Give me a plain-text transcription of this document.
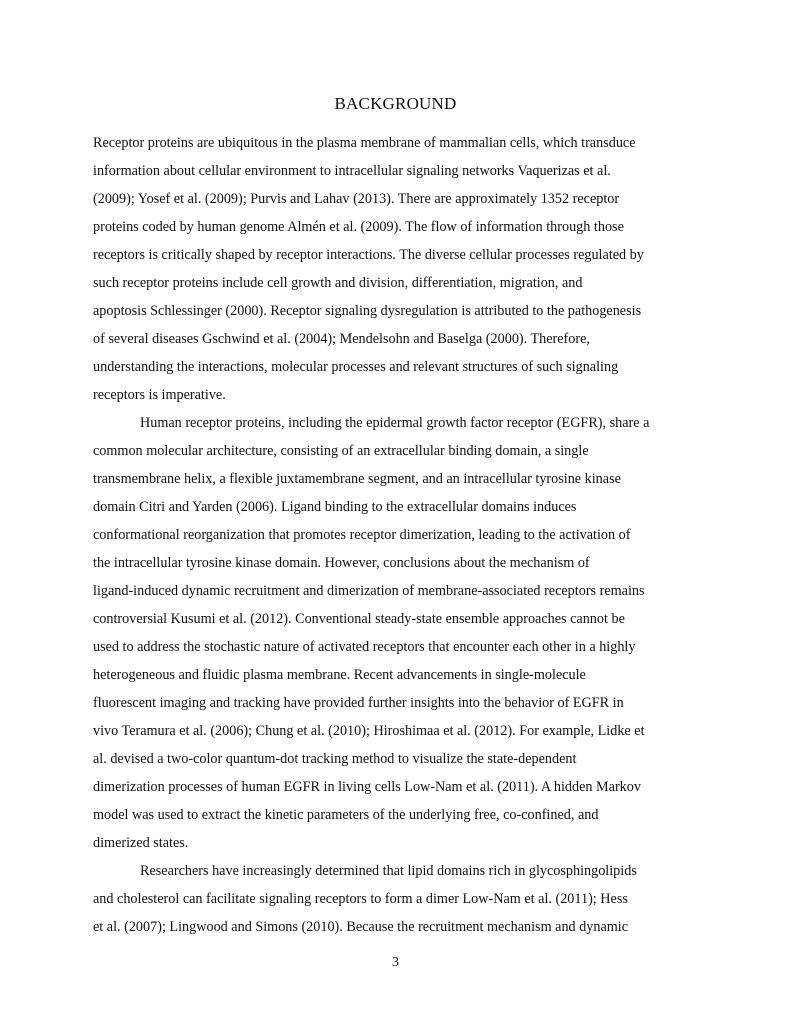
BACKGROUND
Receptor proteins are ubiquitous in the plasma membrane of mammalian cells, which transduce
information about cellular environment to intracellular signaling networks Vaquerizas et al.
(2009); Yosef et al. (2009); Purvis and Lahav (2013). There are approximately 1352 receptor
proteins coded by human genome Almén et al. (2009). The flow of information through those
receptors is critically shaped by receptor interactions. The diverse cellular processes regulated by
such receptor proteins include cell growth and division, differentiation, migration, and
apoptosis Schlessinger (2000). Receptor signaling dysregulation is attributed to the pathogenesis
of several diseases Gschwind et al. (2004); Mendelsohn and Baselga (2000). Therefore,
understanding the interactions, molecular processes and relevant structures of such signaling
receptors is imperative.
Human receptor proteins, including the epidermal growth factor receptor (EGFR), share a
common molecular architecture, consisting of an extracellular binding domain, a single
transmembrane helix, a flexible juxtamembrane segment, and an intracellular tyrosine kinase
domain Citri and Yarden (2006). Ligand binding to the extracellular domains induces
conformational reorganization that promotes receptor dimerization, leading to the activation of
the intracellular tyrosine kinase domain. However, conclusions about the mechanism of
ligand-induced dynamic recruitment and dimerization of membrane-associated receptors remains
controversial Kusumi et al. (2012). Conventional steady-state ensemble approaches cannot be
used to address the stochastic nature of activated receptors that encounter each other in a highly
heterogeneous and fluidic plasma membrane. Recent advancements in single-molecule
fluorescent imaging and tracking have provided further insights into the behavior of EGFR in
vivo Teramura et al. (2006); Chung et al. (2010); Hiroshimaa et al. (2012). For example, Lidke et
al. devised a two-color quantum-dot tracking method to visualize the state-dependent
dimerization processes of human EGFR in living cells Low-Nam et al. (2011). A hidden Markov
model was used to extract the kinetic parameters of the underlying free, co-confined, and
dimerized states.
Researchers have increasingly determined that lipid domains rich in glycosphingolipids
and cholesterol can facilitate signaling receptors to form a dimer Low-Nam et al. (2011); Hess
et al. (2007); Lingwood and Simons (2010). Because the recruitment mechanism and dynamic
3
